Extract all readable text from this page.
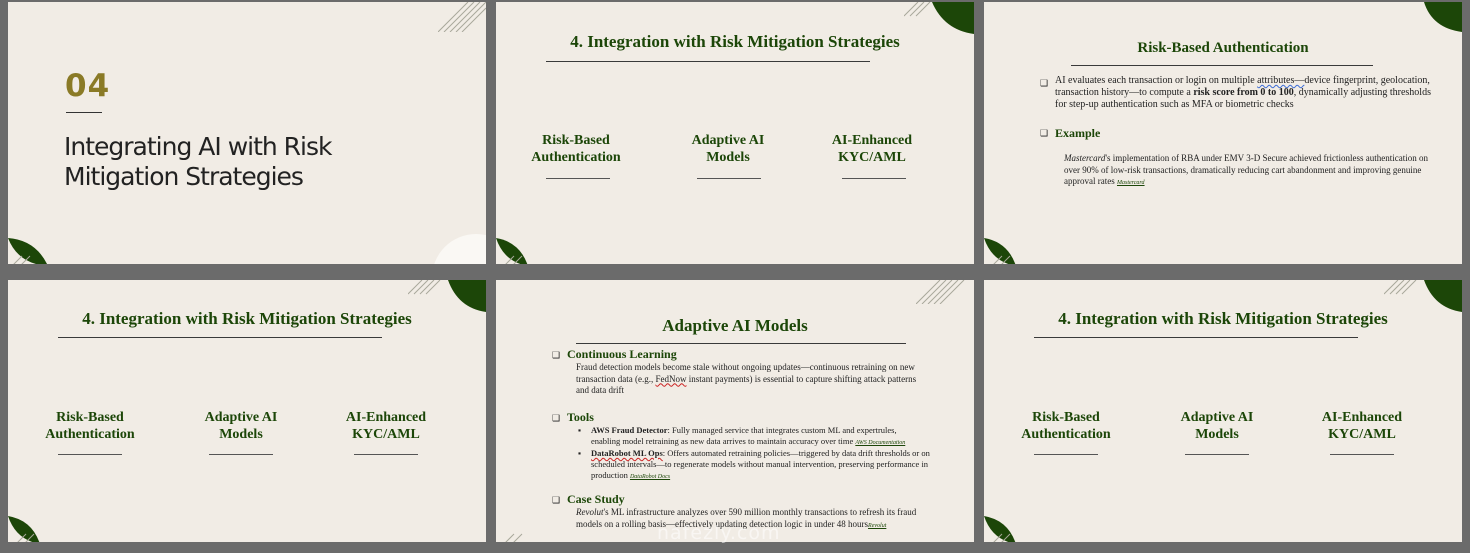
04
Integrating AI with Risk
Mitigation Strategies
4. Integration with Risk Mitigation Strategies
Risk-Based
Authentication
Adaptive AI
Models
AI-Enhanced
KYC/AML
Risk-Based Authentication
❑ AI evaluates each transaction or login on multiple attributes—device fingerprint, geolocation, transaction history—to compute a risk score from 0 to 100, dynamically adjusting thresholds for step-up authentication such as MFA or biometric checks
❑ Example
Mastercard's implementation of RBA under EMV 3-D Secure achieved frictionless authentication on over 90% of low-risk transactions, dramatically reducing cart abandonment and improving genuine approval rates Mastercard
4. Integration with Risk Mitigation Strategies
Risk-Based
Authentication
Adaptive AI
Models
AI-Enhanced
KYC/AML
Adaptive AI Models
❑ Continuous Learning
Fraud detection models become stale without ongoing updates—continuous retraining on new
transaction data (e.g., FedNow instant payments) is essential to capture shifting attack patterns
and data drift
❑ Tools
▪ AWS Fraud Detector: Fully managed service that integrates custom ML and expertrules,
enabling model retraining as new data arrives to maintain accuracy over time AWS Documentation
▪ DataRobot ML Ops: Offers automated retraining policies—triggered by data drift thresholds or on
scheduled intervals—to regenerate models without manual intervention, preserving performance in
production DataRobot Docs
❑ Case Study
Revolut's ML infrastructure analyzes over 590 million monthly transactions to refresh its fraud
models on a rolling basis—effectively updating detection logic in under 48 hoursRevolut
4. Integration with Risk Mitigation Strategies
Risk-Based
Authentication
Adaptive AI
Models
AI-Enhanced
KYC/AML
nafezly.com
